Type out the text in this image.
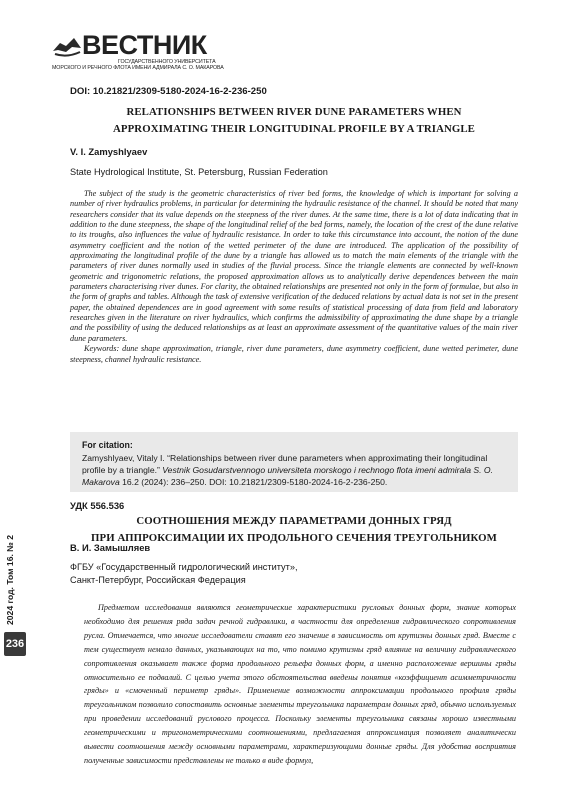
ВЕСТНИК
ГОСУДАРСТВЕННОГО УНИВЕРСИТЕТА
МОРСКОГО И РЕЧНОГО ФЛОТА ИМЕНИ АДМИРАЛА С. О. МАКАРОВА
DOI: 10.21821/2309-5180-2024-16-2-236-250
RELATIONSHIPS BETWEEN RIVER DUNE PARAMETERS WHEN
APPROXIMATING THEIR LONGITUDINAL PROFILE BY A TRIANGLE
V. I. Zamyshlyaev
State Hydrological Institute, St. Petersburg, Russian Federation

The subject of the study is the geometric characteristics of river bed forms, the knowledge of which is important for solving a number of river hydraulics problems, in particular for determining the hydraulic resistance of the channel. It should be noted that many researchers consider that its value depends on the steepness of the river dunes. At the same time, there is a lot of data indicating that in addition to the dune steepness, the shape of the longitudinal relief of the bed forms, namely, the location of the crest of the dune relative to its troughs, also influences the value of hydraulic resistance. In order to take this circumstance into account, the notion of the dune asymmetry coefficient and the notion of the wetted perimeter of the dune are introduced. The application of the possibility of approximating the longitudinal profile of the dune by a triangle has allowed us to match the main elements of the triangle with the parameters of river dunes normally used in studies of the fluvial process. Since the triangle elements are connected by well-known geometric and trigonometric relations, the proposed approximation allows us to analytically derive dependences between the main parameters characterising river dunes. For clarity, the obtained relationships are presented not only in the form of formulae, but also in the form of graphs and tables. Although the task of extensive verification of the deduced relations by actual data is not set in the present paper, the obtained dependences are in good agreement with some results of statistical processing of data from field and laboratory researches given in the literature on river hydraulics, which confirms the admissibility of approximating the dune shape by a triangle and the possibility of using the deduced relationships as at least an approximate assessment of the quantitative values of the main river dune parameters.

Keywords: dune shape approximation, triangle, river dune parameters, dune asymmetry coefficient, dune wetted perimeter, dune steepness, channel hydraulic resistance.

For citation:
Zamyshlyaev, Vitaly I. “Relationships between river dune parameters when approximating their longitudinal profile by a triangle.” Vestnik Gosudarstvennogo universiteta morskogo i rechnogo flota imeni admirala S. O. Makarova 16.2 (2024): 236–250. DOI: 10.21821/2309-5180-2024-16-2-236-250.
УДК 556.536
СООТНОШЕНИЯ МЕЖДУ ПАРАМЕТРАМИ ДОННЫХ ГРЯД
ПРИ АППРОКСИМАЦИИ ИХ ПРОДОЛЬНОГО СЕЧЕНИЯ ТРЕУГОЛЬНИКОМ
В. И. Замышляев
ФГБУ «Государственный гидрологический институт»,
Санкт-Петербург, Российская Федерация
Предметом исследования являются геометрические характеристики русловых донных форм, знание которых необходимо для решения ряда задач речной гидравлики, в частности для определения гидравлического сопротивления русла. Отмечается, что многие исследователи ставят его значение в зависимость от крутизны донных гряд. Вместе с тем существует немало данных, указывающих на то, что помимо крутизны гряд влияние на величину гидравлического сопротивления оказывает также форма продольного рельефа донных форм, а именно расположение вершины гряды относительно ее подвалий. С целью учета этого обстоятельства введены понятия «коэффициент асимметричности гряды» и «смоченный периметр гряды». Применение возможности аппроксимации продольного профиля гряды треугольником позволило сопоставить основные элементы треугольника параметрам донных гряд, обычно используемых при проведении исследований руслового процесса. Поскольку элементы треугольника связаны хорошо известными геометрическими и тригонометрическими соотношениями, предлагаемая аппроксимация позволяет аналитически вывести соотношения между основными параметрами, характеризующими донные гряды. Для удобства восприятия полученные зависимости представлены не только в виде формул,
2024 год. Том 16. № 2
236
